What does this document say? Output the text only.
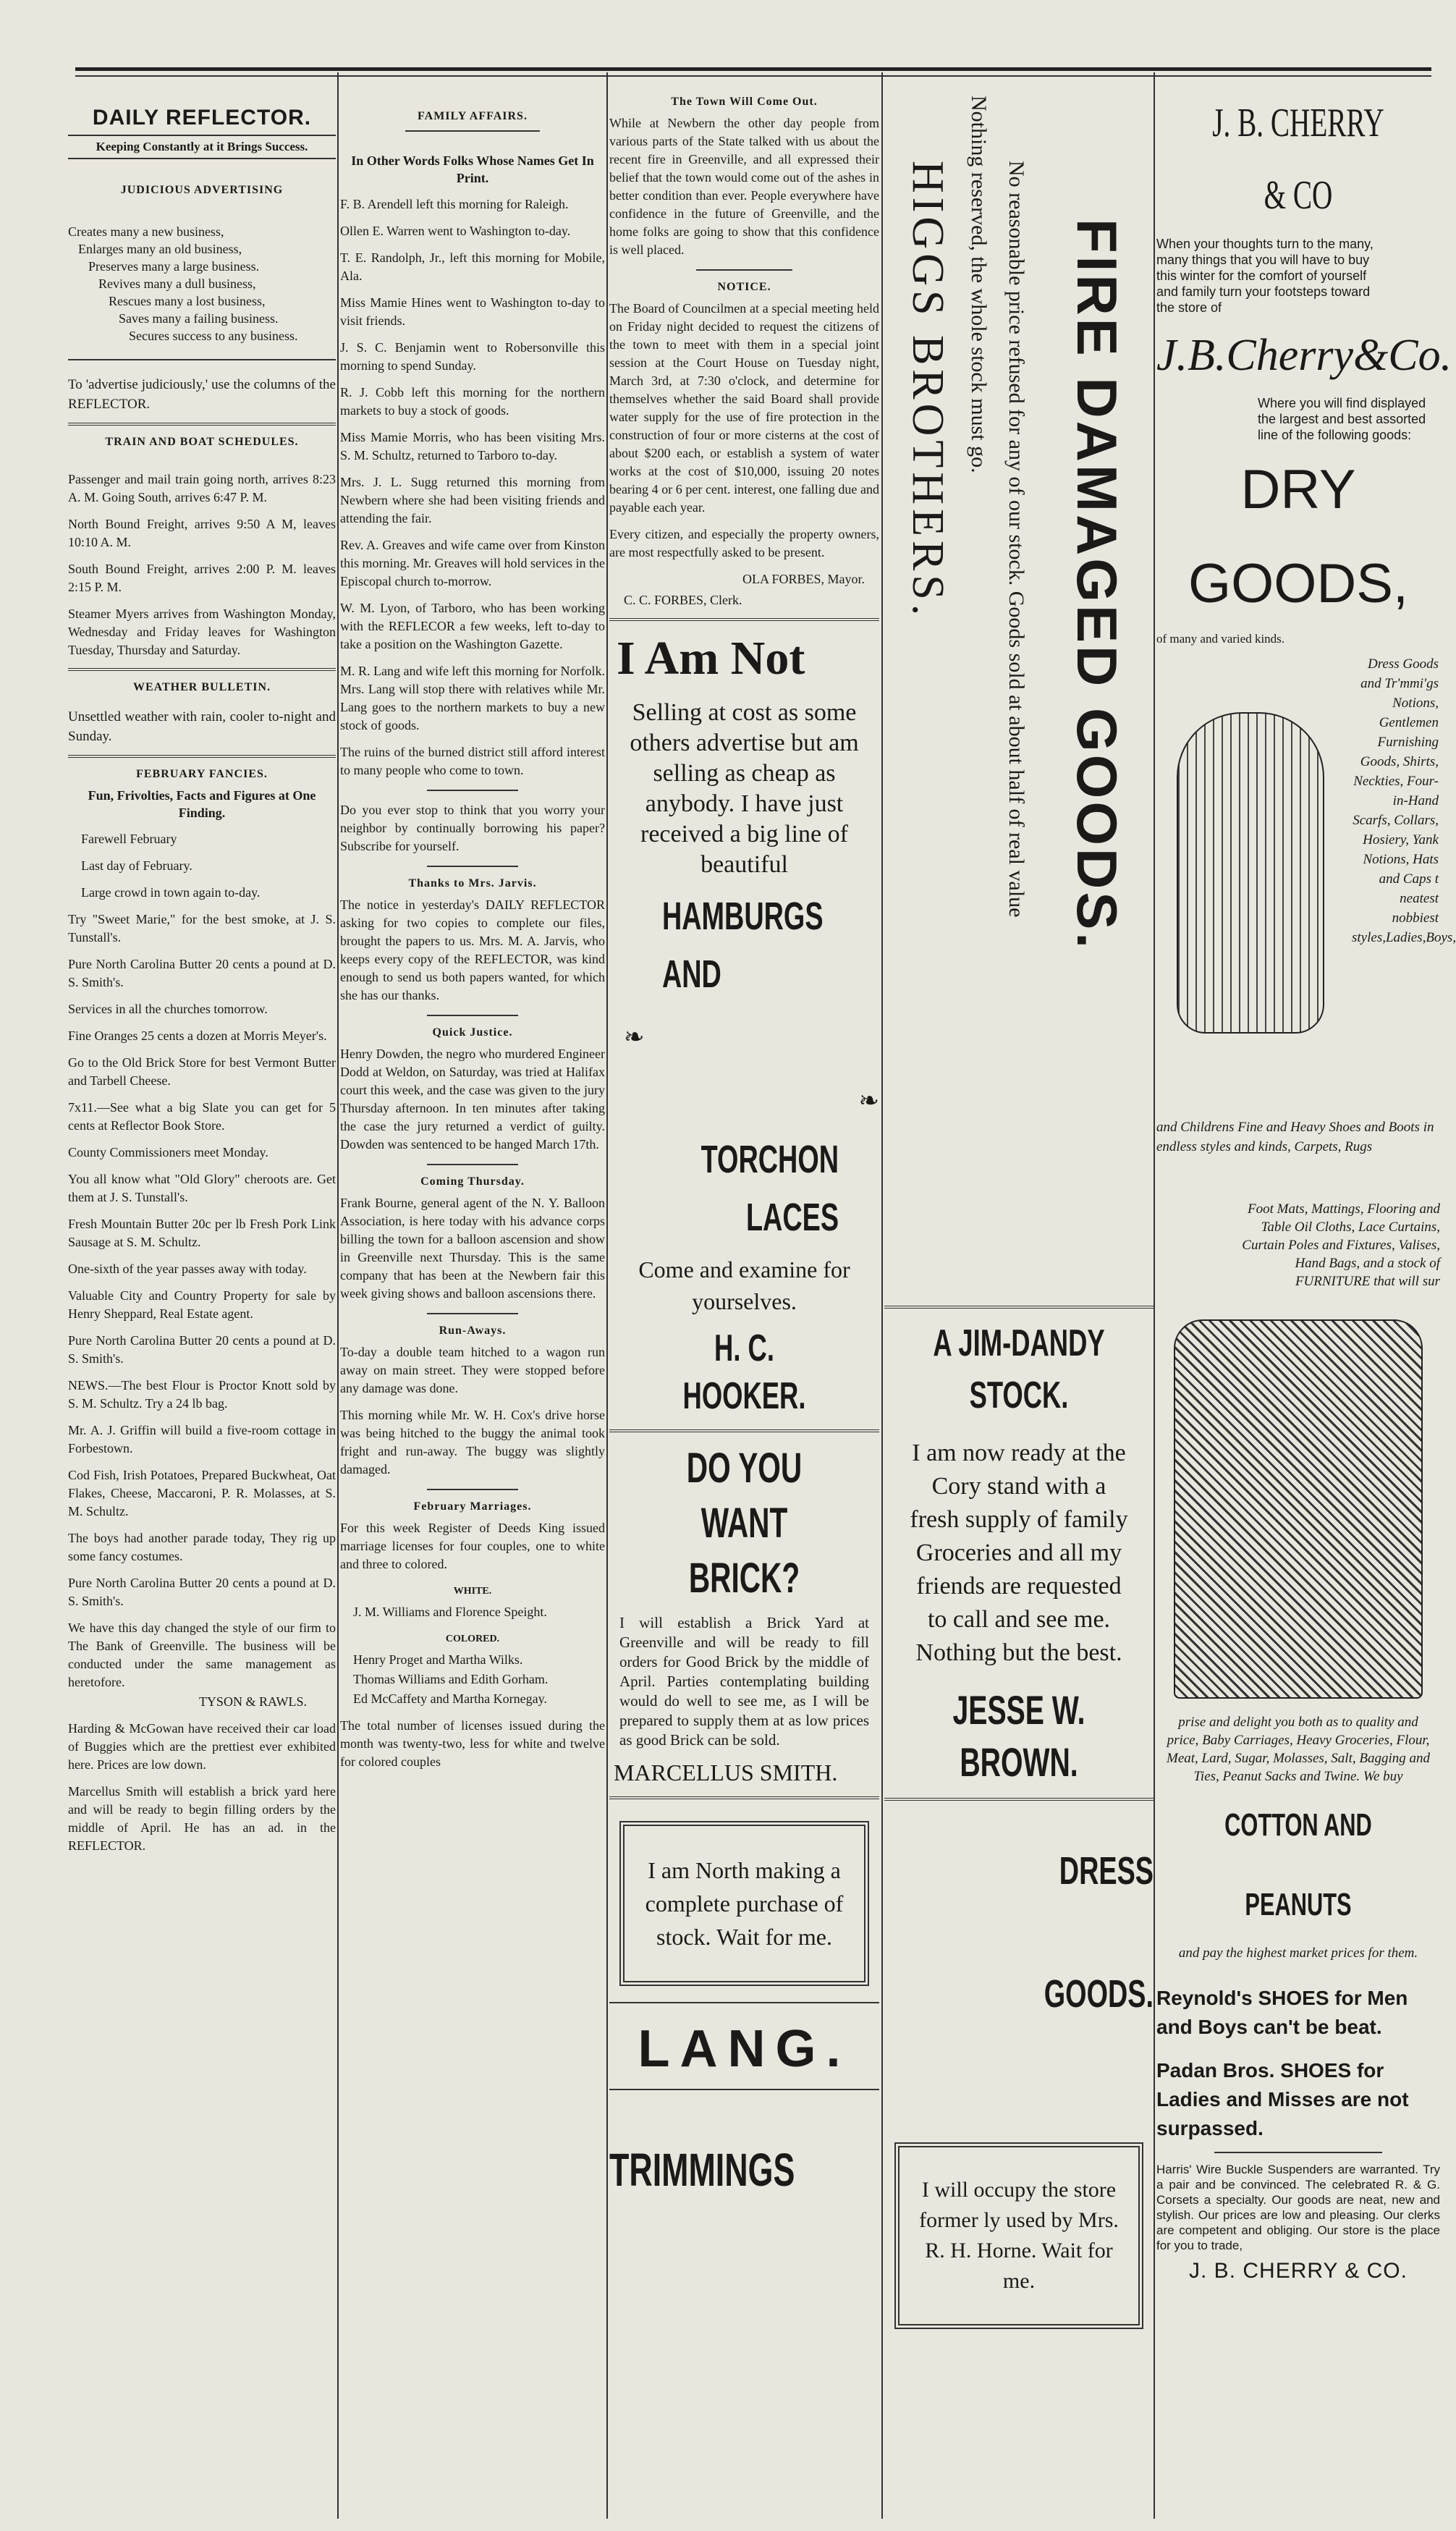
DAILY REFLECTOR.
Keeping Constantly at it Brings Success.
JUDICIOUS ADVERTISING
Creates many a new business,
Enlarges many an old business,
Preserves many a large business.
Revives many a dull business,
Rescues many a lost business,
Saves many a failing business.
Secures success to any business.

To 'advertise judiciously,' use the columns of the REFLECTOR.

TRAIN AND BOAT SCHEDULES.

Passenger and mail train going north, arrives 8:23 A. M. Going South, arrives 6:47 P. M.

North Bound Freight, arrives 9:50 A M, leaves 10:10 A. M.

South Bound Freight, arrives 2:00 P. M. leaves 2:15 P. M.

Steamer Myers arrives from Washington Monday, Wednesday and Friday leaves for Washington Tuesday, Thursday and Saturday.

WEATHER BULLETIN.

Unsettled weather with rain, cooler to-night and Sunday.

FEBRUARY FANCIES.
Fun, Frivolties, Facts and Figures at One Finding.

Farewell February

Last day of February.

Large crowd in town again to-day.

Try "Sweet Marie," for the best smoke, at J. S. Tunstall's.

Pure North Carolina Butter 20 cents a pound at D. S. Smith's.

Services in all the churches tomorrow.

Fine Oranges 25 cents a dozen at Morris Meyer's.

Go to the Old Brick Store for best Vermont Butter and Tarbell Cheese.

7x11.—See what a big Slate you can get for 5 cents at Reflector Book Store.

County Commissioners meet Monday.

You all know what "Old Glory" cheroots are. Get them at J. S. Tunstall's.

Fresh Mountain Butter 20c per lb Fresh Pork Link Sausage at S. M. Schultz.

One-sixth of the year passes away with today.

Valuable City and Country Property for sale by Henry Sheppard, Real Estate agent.

Pure North Carolina Butter 20 cents a pound at D. S. Smith's.

NEWS.—The best Flour is Proctor Knott sold by S. M. Schultz. Try a 24 lb bag.

Mr. A. J. Griffin will build a five-room cottage in Forbestown.

Cod Fish, Irish Potatoes, Prepared Buckwheat, Oat Flakes, Cheese, Maccaroni, P. R. Molasses, at S. M. Schultz.

The boys had another parade today, They rig up some fancy costumes.

Pure North Carolina Butter 20 cents a pound at D. S. Smith's.

We have this day changed the style of our firm to The Bank of Greenville. The business will be conducted under the same management as heretofore.

TYSON & RAWLS.

Harding & McGowan have received their car load of Buggies which are the prettiest ever exhibited here. Prices are low down.

Marcellus Smith will establish a brick yard here and will be ready to begin filling orders by the middle of April. He has an ad. in the REFLECTOR.

FAMILY AFFAIRS.
In Other Words Folks Whose Names Get In Print.

F. B. Arendell left this morning for Raleigh.

Ollen E. Warren went to Washington to-day.

T. E. Randolph, Jr., left this morning for Mobile, Ala.

Miss Mamie Hines went to Washington to-day to visit friends.

J. S. C. Benjamin went to Robersonville this morning to spend Sunday.

R. J. Cobb left this morning for the northern markets to buy a stock of goods.

Miss Mamie Morris, who has been visiting Mrs. S. M. Schultz, returned to Tarboro to-day.

Mrs. J. L. Sugg returned this morning from Newbern where she had been visiting friends and attending the fair.

Rev. A. Greaves and wife came over from Kinston this morning. Mr. Greaves will hold services in the Episcopal church to-morrow.

W. M. Lyon, of Tarboro, who has been working with the REFLECOR a few weeks, left to-day to take a position on the Washington Gazette.

M. R. Lang and wife left this morning for Norfolk. Mrs. Lang will stop there with relatives while Mr. Lang goes to the northern markets to buy a new stock of goods.

The ruins of the burned district still afford interest to many people who come to town.

Do you ever stop to think that you worry your neighbor by continually borrowing his paper? Subscribe for yourself.

Thanks to Mrs. Jarvis.

The notice in yesterday's DAILY REFLECTOR asking for two copies to complete our files, brought the papers to us. Mrs. M. A. Jarvis, who keeps every copy of the REFLECTOR, was kind enough to send us both papers wanted, for which she has our thanks.

Quick Justice.

Henry Dowden, the negro who murdered Engineer Dodd at Weldon, on Saturday, was tried at Halifax court this week, and the case was given to the jury Thursday afternoon. In ten minutes after taking the case the jury returned a verdict of guilty. Dowden was sentenced to be hanged March 17th.

Coming Thursday.

Frank Bourne, general agent of the N. Y. Balloon Association, is here today with his advance corps billing the town for a balloon ascension and show in Greenville next Thursday. This is the same company that has been at the Newbern fair this week giving shows and balloon ascensions there.

Run-Aways.

To-day a double team hitched to a wagon run away on main street. They were stopped before any damage was done.

This morning while Mr. W. H. Cox's drive horse was being hitched to the buggy the animal took fright and run-away. The buggy was slightly damaged.

February Marriages.

For this week Register of Deeds King issued marriage licenses for four couples, one to white and three to colored.

WHITE.

J. M. Williams and Florence Speight.

COLORED.

Henry Proget and Martha Wilks.

Thomas Williams and Edith Gorham.

Ed McCaffety and Martha Kornegay.

The total number of licenses issued during the month was twenty-two, less for white and twelve for colored couples

The Town Will Come Out.

While at Newbern the other day people from various parts of the State talked with us about the recent fire in Greenville, and all expressed their belief that the town would come out of the ashes in better condition than ever. People everywhere have confidence in the future of Greenville, and the home folks are going to show that this confidence is well placed.

NOTICE.

The Board of Councilmen at a special meeting held on Friday night decided to request the citizens of the town to meet with them in a special joint session at the Court House on Tuesday night, March 3rd, at 7:30 o'clock, and determine for themselves whether the said Board shall provide water supply for the use of fire protection in the construction of four or more cisterns at the cost of about $200 each, or establish a system of water works at the cost of $10,000, issuing 20 notes bearing 4 or 6 per cent. interest, one falling due and payable each year.

Every citizen, and especially the property owners, are most respectfully asked to be present.

OLA FORBES, Mayor.

C. C. FORBES, Clerk.

I Am Not
Selling at cost as some others advertise but am selling as cheap as anybody. I have just received a big line of beautiful
HAMBURGS AND ❧
❧ TORCHON LACES
Come and examine for yourselves.
H. C. HOOKER.
DO YOU WANT BRICK?
I will establish a Brick Yard at Greenville and will be ready to fill orders for Good Brick by the middle of April. Parties contemplating building would do well to see me, as I will be prepared to supply them at as low prices as good Brick can be sold.
MARCELLUS SMITH.
I am North making a complete purchase of stock. Wait for me.
LANG.
TRIMMINGS
No reasonable price refused for any of our stock. Goods sold at about half of real value
Nothing reserved, the whole stock must go.
HIGGS BROTHERS. FIRE DAMAGED GOODS.
A JIM-DANDY STOCK.
I am now ready at the Cory stand with a fresh supply of family Groceries and all my friends are requested to call and see me. Nothing but the best.
JESSE W. BROWN.
DRESS GOODS.
I will occupy the store former ly used by Mrs. R. H. Horne. Wait for me.
J. B. CHERRY & CO
When your thoughts turn to the many, many things that you will have to buy this winter for the comfort of yourself and family turn your footsteps toward the store of
J.B.Cherry&Co.
Where you will find displayed the largest and best assorted line of the following goods:
DRY GOODS,
of many and varied kinds.
Dress Goods and Tr'mmi'gs Notions, Gentlemen Furnishing Goods, Shirts, Neckties, Four-in-Hand Scarfs, Collars, Hosiery, Yank Notions, Hats and Caps t neatest nobbiest styles,Ladies,Boys,
and Childrens Fine and Heavy Shoes and Boots in endless styles and kinds, Carpets, Rugs
Foot Mats, Mattings, Flooring and Table Oil Cloths, Lace Curtains, Curtain Poles and Fixtures, Valises, Hand Bags, and a stock of FURNITURE that will sur
prise and delight you both as to quality and price, Baby Carriages, Heavy Groceries, Flour, Meat, Lard, Sugar, Molasses, Salt, Bagging and Ties, Peanut Sacks and Twine. We buy
COTTON AND PEANUTS
and pay the highest market prices for them.
Reynold's SHOES for Men and Boys can't be beat.
Padan Bros. SHOES for Ladies and Misses are not surpassed.
Harris' Wire Buckle Suspenders are warranted. Try a pair and be convinced. The celebrated R. & G. Corsets a specialty. Our goods are neat, new and stylish. Our prices are low and pleasing. Our clerks are competent and obliging. Our store is the place for you to trade,
J. B. CHERRY & CO.
